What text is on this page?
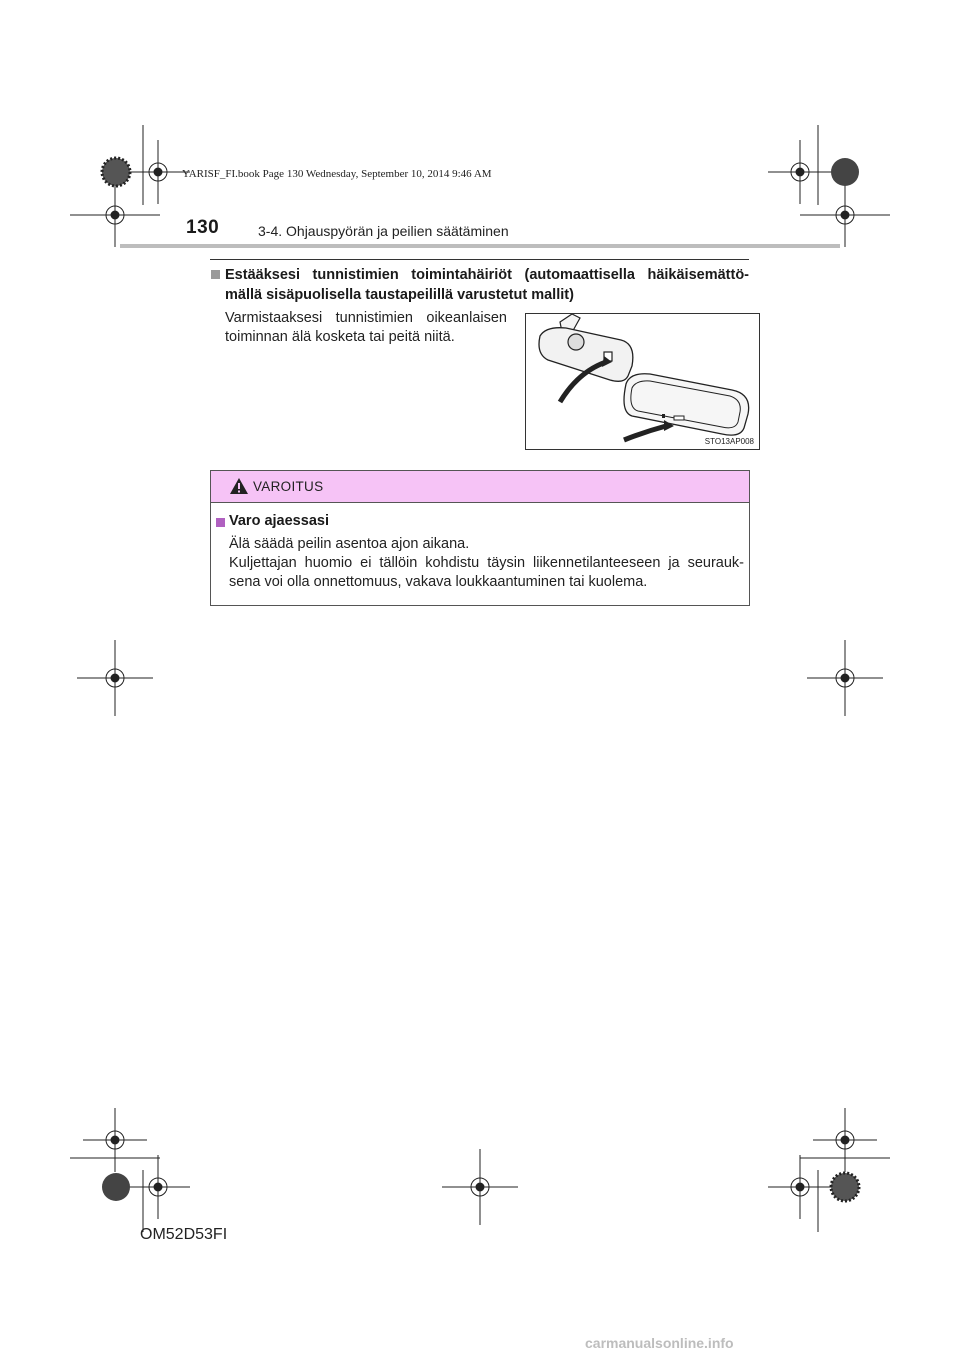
YARISF_FI.book Page 130 Wednesday, September 10, 2014 9:46 AM
130	3-4. Ohjauspyörän ja peilien säätäminen
Estääksesi tunnistimien toimintahäiriöt (automaattisella häikäisemättö-mällä sisäpuolisella taustapeilillä varustetut mallit)
Varmistaaksesi tunnistimien oikeanlaisen toiminnan älä kosketa tai peitä niitä.
STO13AP008
VAROITUS
Varo ajaessasi
Älä säädä peilin asentoa ajon aikana.
Kuljettajan huomio ei tällöin kohdistu täysin liikennetilanteeseen ja seurauk-sena voi olla onnettomuus, vakava loukkaantuminen tai kuolema.
OM52D53FI
carmanualsonline.info
